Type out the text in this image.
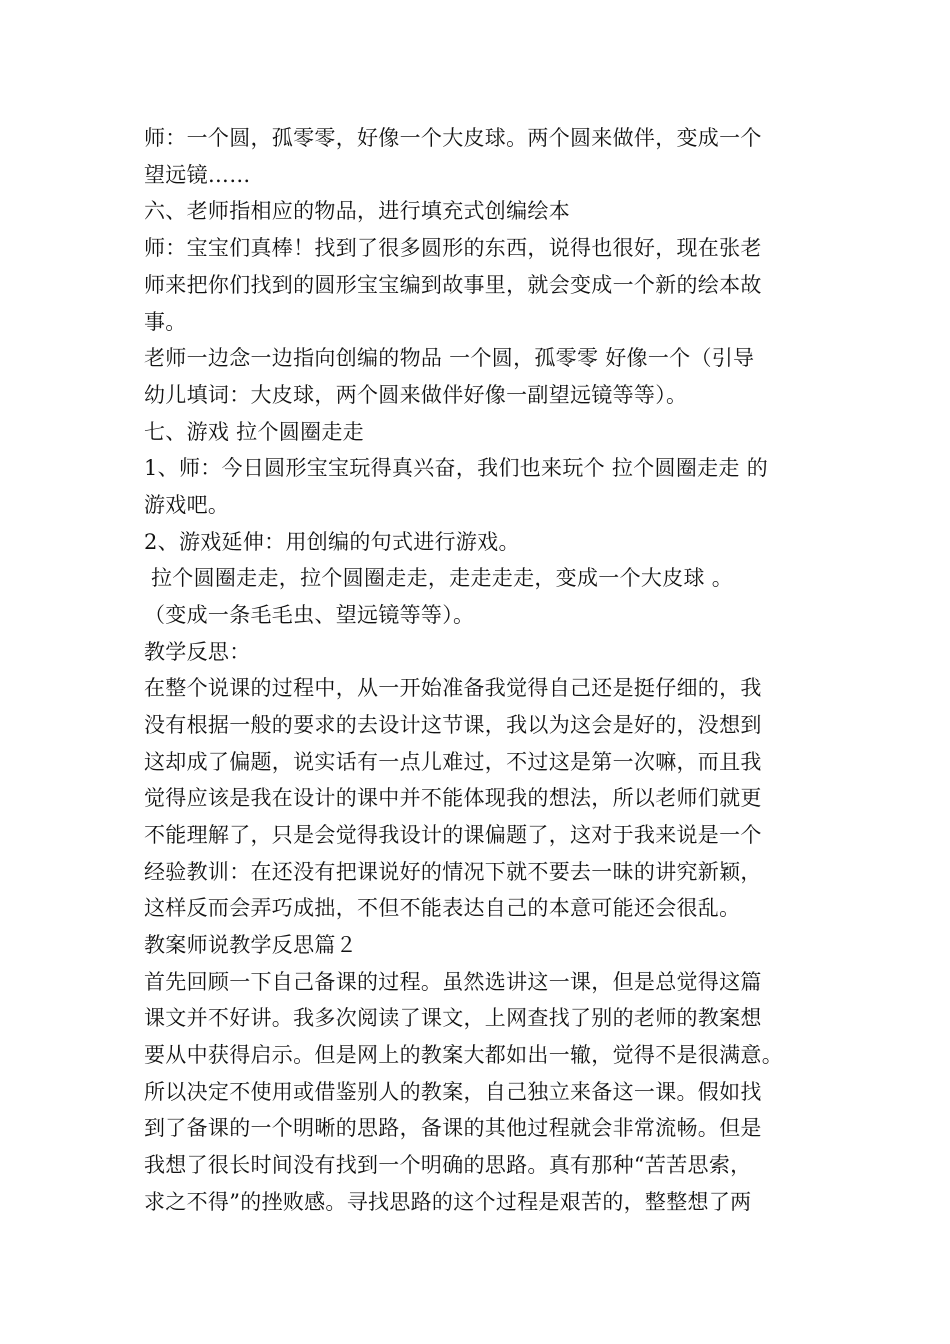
师：一个圆，孤零零，好像一个大皮球。两个圆来做伴，变成一个
望远镜……
六、老师指相应的物品，进行填充式创编绘本
师：宝宝们真棒！找到了很多圆形的东西，说得也很好，现在张老
师来把你们找到的圆形宝宝编到故事里，就会变成一个新的绘本故
事。
老师一边念一边指向创编的物品 一个圆，孤零零 好像一个（引导
幼儿填词：大皮球，两个圆来做伴好像一副望远镜等等）。
七、游戏 拉个圆圈走走
1、师：今日圆形宝宝玩得真兴奋，我们也来玩个 拉个圆圈走走 的
游戏吧。
2、游戏延伸：用创编的句式进行游戏。
拉个圆圈走走，拉个圆圈走走，走走走走，变成一个大皮球 。
（变成一条毛毛虫、望远镜等等）。
教学反思：
在整个说课的过程中，从一开始准备我觉得自己还是挺仔细的，我
没有根据一般的要求的去设计这节课，我以为这会是好的，没想到
这却成了偏题，说实话有一点儿难过，不过这是第一次嘛，而且我
觉得应该是我在设计的课中并不能体现我的想法，所以老师们就更
不能理解了，只是会觉得我设计的课偏题了，这对于我来说是一个
经验教训：在还没有把课说好的情况下就不要去一昧的讲究新颖，
这样反而会弄巧成拙，不但不能表达自己的本意可能还会很乱。
教案师说教学反思篇２
首先回顾一下自己备课的过程。虽然选讲这一课，但是总觉得这篇
课文并不好讲。我多次阅读了课文，上网查找了别的老师的教案想
要从中获得启示。但是网上的教案大都如出一辙，觉得不是很满意。
所以决定不使用或借鉴别人的教案，自己独立来备这一课。假如找
到了备课的一个明晰的思路，备课的其他过程就会非常流畅。但是
我想了很长时间没有找到一个明确的思路。真有那种“苦苦思索，
求之不得”的挫败感。寻找思路的这个过程是艰苦的，整整想了两
